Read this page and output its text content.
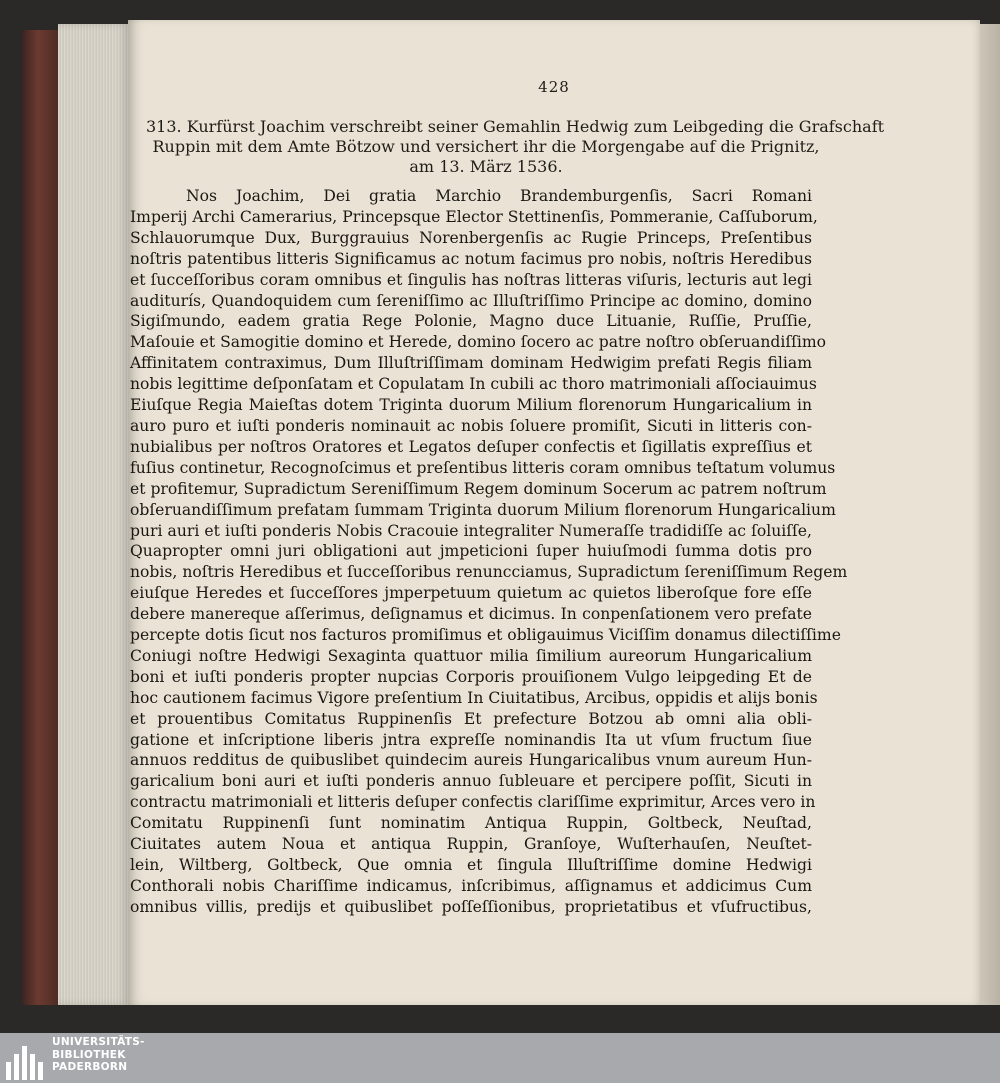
428
313. Kurfürst Joachim verschreibt seiner Gemahlin Hedwig zum Leibgeding die Grafschaft
Ruppin mit dem Amte Bötzow und versichert ihr die Morgengabe auf die Prignitz,
am 13. März 1536.
Nos Joachim, Dei gratia Marchio Brandemburgenſis, Sacri Romani
Imperij Archi Camerarius, Princepsque Elector Stettinenſis, Pommeranie, Caſſuborum,
Schlauorumque Dux, Burggrauius Norenbergenſis ac Rugie Princeps, Preſentibus
noſtris patentibus litteris Significamus ac notum facimus pro nobis, noſtris Heredibus
et ſucceſſoribus coram omnibus et ſingulis has noſtras litteras viſuris, lecturis aut legi
auditurís, Quandoquidem cum ſereniſſimo ac Illuſtriſſimo Principe ac domino, domino
Sigiſmundo, eadem gratia Rege Polonie, Magno duce Lituanie, Ruſſie, Pruſſie,
Maſouie et Samogitie domino et Herede, domino ſocero ac patre noſtro obſeruandiſſimo
Affinitatem contraximus, Dum Illuſtriſſimam dominam Hedwigim prefati Regis filiam
nobis legittime deſponſatam et Copulatam In cubili ac thoro matrimoniali aſſociauimus
Eiuſque Regia Maieſtas dotem Triginta duorum Milium florenorum Hungaricalium in
auro puro et iuſti ponderis nominauit ac nobis ſoluere promiſit, Sicuti in litteris con-
nubialibus per noſtros Oratores et Legatos deſuper confectis et ſigillatis expreſſius et
fuſius continetur, Recognoſcimus et preſentibus litteris coram omnibus teſtatum volumus
et profitemur, Supradictum Sereniſſimum Regem dominum Socerum ac patrem noſtrum
obſeruandiſſimum prefatam ſummam Triginta duorum Milium florenorum Hungaricalium
puri auri et iuſti ponderis Nobis Cracouie integraliter Numeraſſe tradidiſſe ac ſoluiſſe,
Quapropter omni juri obligationi aut jmpeticioni ſuper huiuſmodi ſumma dotis pro
nobis, noſtris Heredibus et ſucceſſoribus renuncciamus, Supradictum ſereniſſimum Regem
eiuſque Heredes et ſucceſſores jmperpetuum quietum ac quietos liberoſque fore eſſe
debere manereque aſſerimus, deſignamus et dicimus. In conpenſationem vero prefate
percepte dotis ſicut nos facturos promiſimus et obligauimus Viciſſim donamus dilectiſſime
Coniugi noſtre Hedwigi Sexaginta quattuor milia ſimilium aureorum Hungaricalium
boni et iuſti ponderis propter nupcias Corporis prouiſionem Vulgo leipgeding Et de
hoc cautionem facimus Vigore preſentium In Ciuitatibus, Arcibus, oppidis et alijs bonis
et prouentibus Comitatus Ruppinenſis Et prefecture Botzou ab omni alia obli-
gatione et inſcriptione liberis jntra expreſſe nominandis Ita ut vſum fructum ſiue
annuos redditus de quibuslibet quindecim aureis Hungaricalibus vnum aureum Hun-
garicalium boni auri et iuſti ponderis annuo ſubleuare et percipere poſſit, Sicuti in
contractu matrimoniali et litteris deſuper confectis clariſſime exprimitur, Arces vero in
Comitatu Ruppinenſi ſunt nominatim Antiqua Ruppin, Goltbeck, Neuſtad,
Ciuitates autem Noua et antiqua Ruppin, Granſoye, Wuſterhauſen, Neuſtet-
lein, Wiltberg, Goltbeck, Que omnia et ſingula Illuſtriſſime domine Hedwigi
Conthorali nobis Chariſſime indicamus, inſcribimus, aſſignamus et addicimus Cum
omnibus villis, predijs et quibuslibet poſſeſſionibus, proprietatibus et vſufructibus,
UNIVERSITÄTS-
BIBLIOTHEK
PADERBORN
